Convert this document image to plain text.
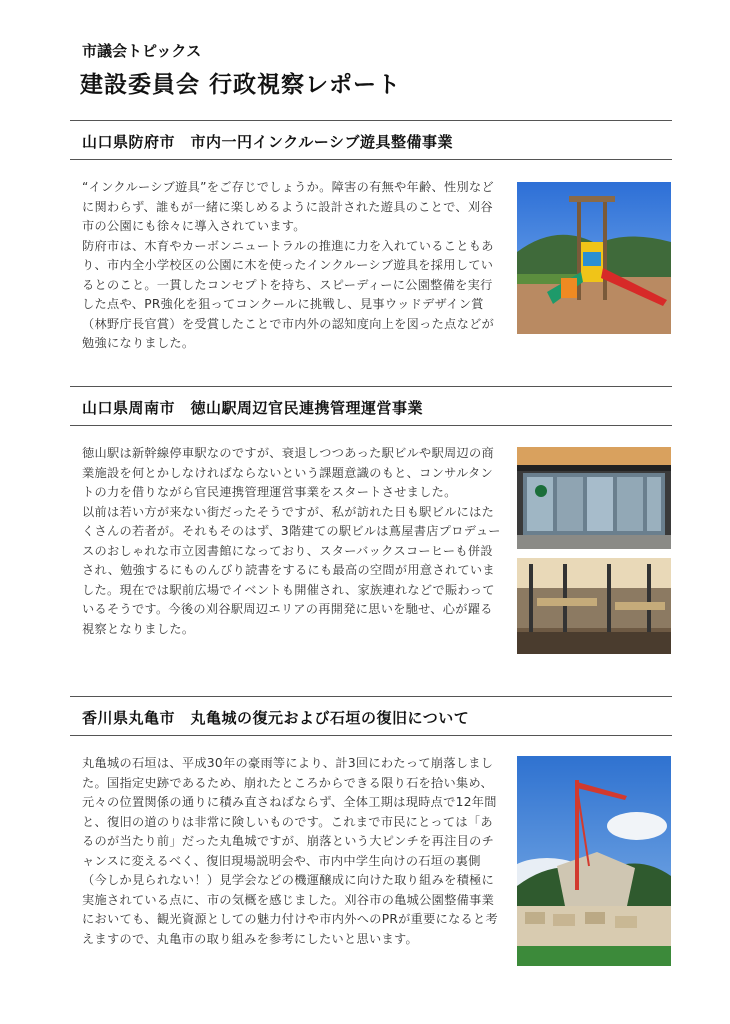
市議会トピックス
建設委員会 行政視察レポート
山口県防府市　市内一円インクルーシブ遊具整備事業

“インクルーシブ遊具”をご存じでしょうか。障害の有無や年齢、性別などに関わらず、誰もが一緒に楽しめるように設計された遊具のことで、刈谷市の公園にも徐々に導入されています。

防府市は、木育やカーボンニュートラルの推進に力を入れていることもあり、市内全小学校区の公園に木を使ったインクルーシブ遊具を採用しているとのこと。一貫したコンセプトを持ち、スピーディーに公園整備を実行した点や、PR強化を狙ってコンクールに挑戦し、見事ウッドデザイン賞（林野庁長官賞）を受賞したことで市内外の認知度向上を図った点などが勉強になりました。

山口県周南市　徳山駅周辺官民連携管理運営事業

徳山駅は新幹線停車駅なのですが、衰退しつつあった駅ビルや駅周辺の商業施設を何とかしなければならないという課題意識のもと、コンサルタントの力を借りながら官民連携管理運営事業をスタートさせました。

以前は若い方が来ない街だったそうですが、私が訪れた日も駅ビルにはたくさんの若者が。それもそのはず、3階建ての駅ビルは蔦屋書店プロデュースのおしゃれな市立図書館になっており、スターバックスコーヒーも併設され、勉強するにものんびり読書をするにも最高の空間が用意されていました。現在では駅前広場でイベントも開催され、家族連れなどで賑わっているそうです。今後の刈谷駅周辺エリアの再開発に思いを馳せ、心が躍る視察となりました。

香川県丸亀市　丸亀城の復元および石垣の復旧について

丸亀城の石垣は、平成30年の豪雨等により、計3回にわたって崩落しました。国指定史跡であるため、崩れたところからできる限り石を拾い集め、元々の位置関係の通りに積み直さねばならず、全体工期は現時点で12年間と、復旧の道のりは非常に険しいものです。これまで市民にとっては「あるのが当たり前」だった丸亀城ですが、崩落という大ピンチを再注目のチャンスに変えるべく、復旧現場説明会や、市内中学生向けの石垣の裏側（今しか見られない！）見学会などの機運醸成に向けた取り組みを積極に実施されている点に、市の気概を感じました。刈谷市の亀城公園整備事業においても、観光資源としての魅力付けや市内外へのPRが重要になると考えますので、丸亀市の取り組みを参考にしたいと思います。
